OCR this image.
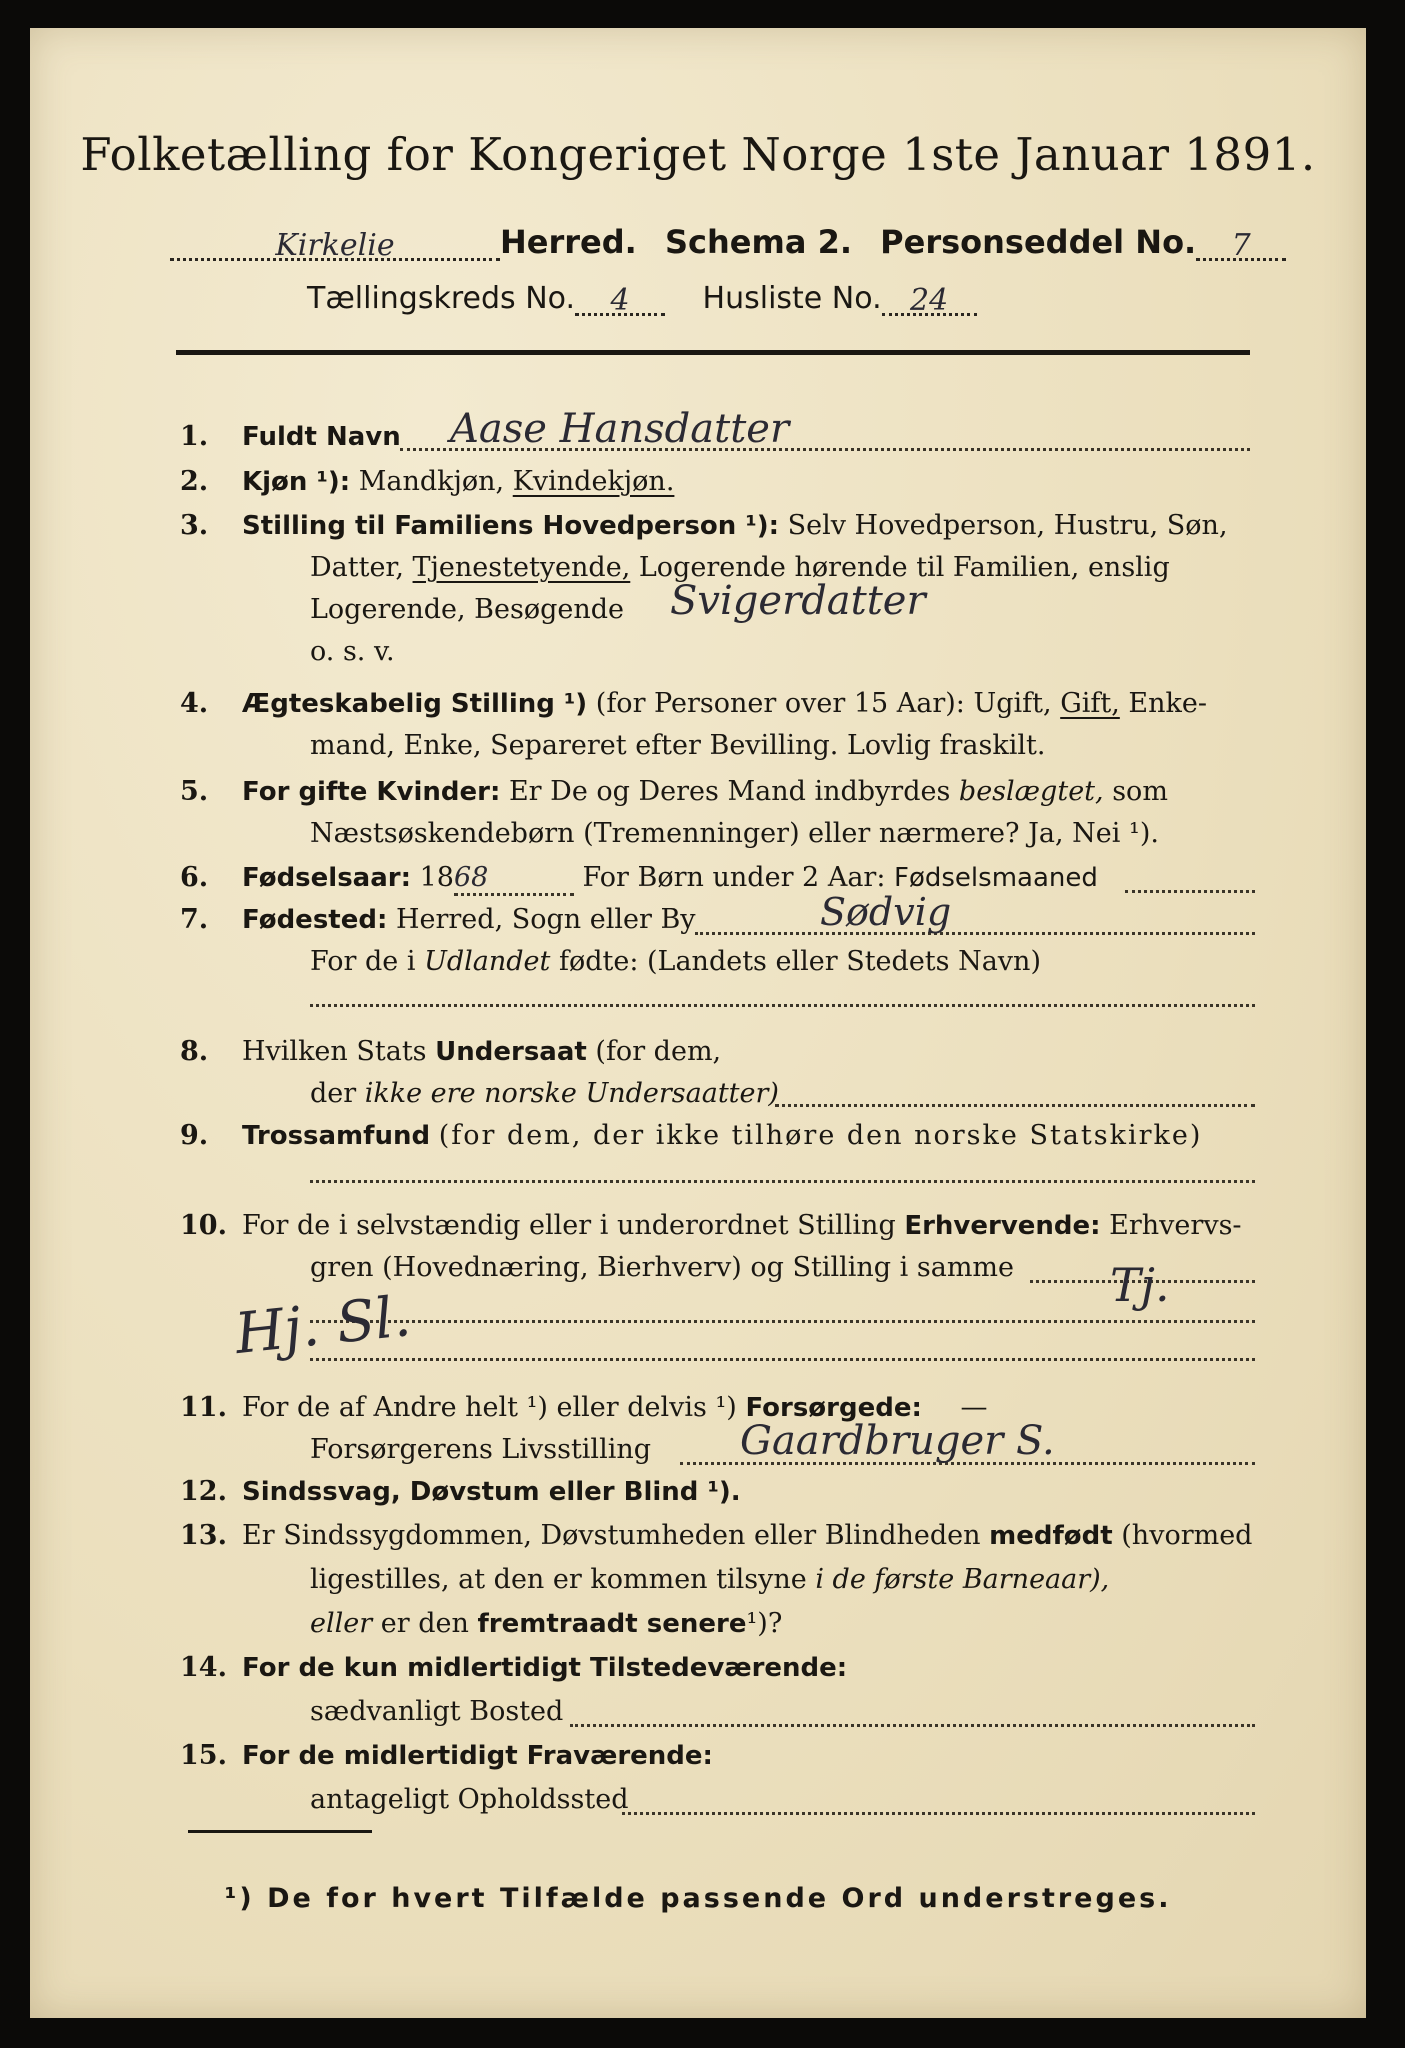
Folketælling for Kongeriget Norge 1ste Januar 1891.
Kirkelie	Herred. Schema 2. Personseddel No. 7
Tællingskreds No. 4 Husliste No. 24
1. Fuldt Navn Aase Hansdatter
2. Kjøn ¹): Mandkjøn, Kvindekjøn.
3. Stilling til Familiens Hovedperson ¹): Selv Hovedperson, Hustru, Søn,
Datter, Tjenestetyende, Logerende hørende til Familien, enslig
Logerende, Besøgende Svigerdatter
o. s. v.
4. Ægteskabelig Stilling ¹) (for Personer over 15 Aar): Ugift, Gift, Enke-
mand, Enke, Separeret efter Bevilling. Lovlig fraskilt.
5. For gifte Kvinder: Er De og Deres Mand indbyrdes beslægtet, som
Næstsøskendebørn (Tremenninger) eller nærmere? Ja, Nei ¹).
6. Fødselsaar: 1868	For Børn under 2 Aar: Fødselsmaaned
7. Fødested: Herred, Sogn eller By	Sødvig
For de i Udlandet fødte: (Landets eller Stedets Navn)
8. Hvilken Stats Undersaat (for dem,
der ikke ere norske Undersaatter)
9. Trossamfund (for dem, der ikke tilhøre den norske Statskirke)
10. For de i selvstændig eller i underordnet Stilling Erhvervende: Erhvervs-
gren (Hovednæring, Bierhverv) og Stilling i samme Tj.
Hj. Sl.
11. For de af Andre helt ¹) eller delvis ¹) Forsørgede: —
Forsørgerens Livsstilling Gaardbruger S.
12. Sindssvag, Døvstum eller Blind ¹).
13. Er Sindssygdommen, Døvstumheden eller Blindheden medfødt (hvormed
ligestilles, at den er kommen tilsyne i de første Barneaar),
eller er den fremtraadt senere¹)?
14. For de kun midlertidigt Tilstedeværende:
sædvanligt Bosted
15. For de midlertidigt Fraværende:
antageligt Opholdssted
¹) De for hvert Tilfælde passende Ord understreges.
